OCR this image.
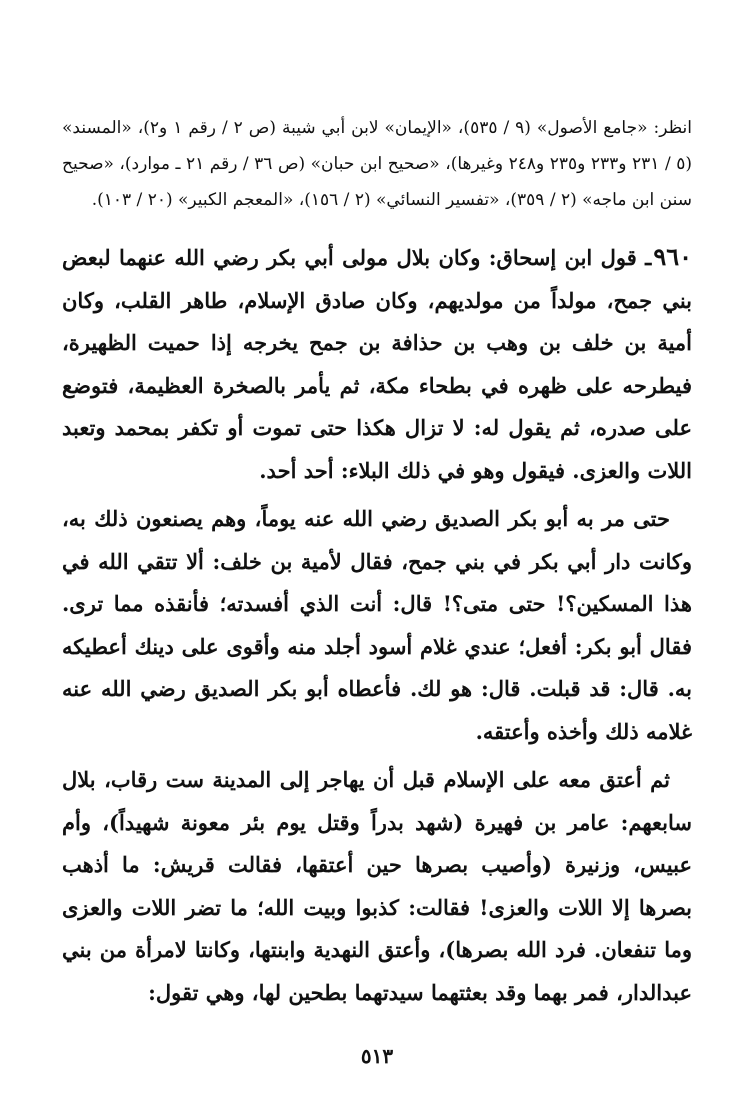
انظر: «جامع الأصول» (٩ / ٥٣٥)، «الإيمان» لابن أبي شيبة (ص ٢ / رقم ١ و٢)، «المسند» (٥ / ٢٣١ و٢٣٣ و٢٣٥ و٢٤٨ وغيرها)، «صحيح ابن حبان» (ص ٣٦ / رقم ٢١ ـ موارد)، «صحيح سنن ابن ماجه» (٢ / ٣٥٩)، «تفسير النسائي» (٢ / ١٥٦)، «المعجم الكبير» (٢٠ / ١٠٣).

٩٦٠ـ قول ابن إسحاق: وكان بلال مولى أبي بكر رضي الله عنهما لبعض بني جمح، مولداً من مولديهم، وكان صادق الإسلام، طاهر القلب، وكان أمية بن خلف بن وهب بن حذافة بن جمح يخرجه إذا حميت الظهيرة، فيطرحه على ظهره في بطحاء مكة، ثم يأمر بالصخرة العظيمة، فتوضع على صدره، ثم يقول له: لا تزال هكذا حتى تموت أو تكفر بمحمد وتعبد اللات والعزى. فيقول وهو في ذلك البلاء: أحد أحد.

حتى مر به أبو بكر الصديق رضي الله عنه يوماً، وهم يصنعون ذلك به، وكانت دار أبي بكر في بني جمح، فقال لأمية بن خلف: ألا تتقي الله في هذا المسكين؟! حتى متى؟! قال: أنت الذي أفسدته؛ فأنقذه مما ترى. فقال أبو بكر: أفعل؛ عندي غلام أسود أجلد منه وأقوى على دينك أعطيكه به. قال: قد قبلت. قال: هو لك. فأعطاه أبو بكر الصديق رضي الله عنه غلامه ذلك وأخذه وأعتقه.

ثم أعتق معه على الإسلام قبل أن يهاجر إلى المدينة ست رقاب، بلال سابعهم: عامر بن فهيرة (شهد بدراً وقتل يوم بئر معونة شهيداً)، وأم عبيس، وزنيرة (وأصيب بصرها حين أعتقها، فقالت قريش: ما أذهب بصرها إلا اللات والعزى! فقالت: كذبوا وبيت الله؛ ما تضر اللات والعزى وما تنفعان. فرد الله بصرها)، وأعتق النهدية وابنتها، وكانتا لامرأة من بني عبدالدار، فمر بهما وقد بعثتهما سيدتهما بطحين لها، وهي تقول:

٥١٣
